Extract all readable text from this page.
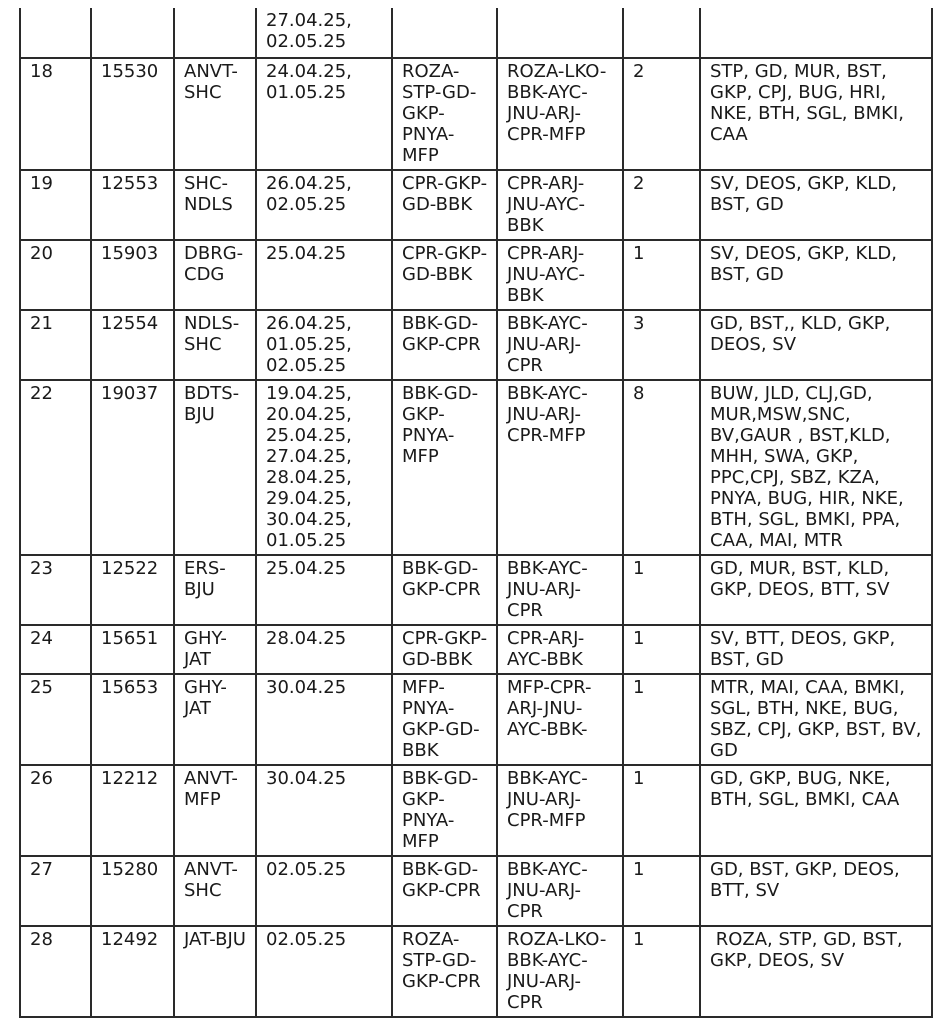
			27.04.25, 02.05.25				
18	15530	ANVT-SHC	24.04.25, 01.05.25	ROZA-STP-GD-GKP-PNYA-MFP	ROZA-LKO-BBK-AYC-JNU-ARJ-CPR-MFP	2	STP, GD, MUR, BST, GKP, CPJ, BUG, HRI, NKE, BTH, SGL, BMKI, CAA
19	12553	SHC-NDLS	26.04.25, 02.05.25	CPR-GKP-GD-BBK	CPR-ARJ-JNU-AYC-BBK	2	SV, DEOS, GKP, KLD, BST, GD
20	15903	DBRG-CDG	25.04.25	CPR-GKP-GD-BBK	CPR-ARJ-JNU-AYC-BBK	1	SV, DEOS, GKP, KLD, BST, GD
21	12554	NDLS-SHC	26.04.25, 01.05.25, 02.05.25	BBK-GD-GKP-CPR	BBK-AYC-JNU-ARJ-CPR	3	GD, BST,, KLD, GKP, DEOS, SV
22	19037	BDTS-BJU	19.04.25, 20.04.25, 25.04.25, 27.04.25, 28.04.25, 29.04.25, 30.04.25, 01.05.25	BBK-GD-GKP-PNYA-MFP	BBK-AYC-JNU-ARJ-CPR-MFP	8	BUW, JLD, CLJ,GD, MUR,MSW,SNC, BV,GAUR , BST,KLD, MHH, SWA, GKP, PPC,CPJ, SBZ, KZA, PNYA, BUG, HIR, NKE, BTH, SGL, BMKI, PPA, CAA, MAI, MTR
23	12522	ERS-BJU	25.04.25	BBK-GD-GKP-CPR	BBK-AYC-JNU-ARJ-CPR	1	GD, MUR, BST, KLD, GKP, DEOS, BTT, SV
24	15651	GHY-JAT	28.04.25	CPR-GKP-GD-BBK	CPR-ARJ-AYC-BBK	1	SV, BTT, DEOS, GKP, BST, GD
25	15653	GHY-JAT	30.04.25	MFP-PNYA-GKP-GD-BBK	MFP-CPR-ARJ-JNU-AYC-BBK-	1	MTR, MAI, CAA, BMKI, SGL, BTH, NKE, BUG, SBZ, CPJ, GKP, BST, BV, GD
26	12212	ANVT-MFP	30.04.25	BBK-GD-GKP-PNYA-MFP	BBK-AYC-JNU-ARJ-CPR-MFP	1	GD, GKP, BUG, NKE, BTH, SGL, BMKI, CAA
27	15280	ANVT-SHC	02.05.25	BBK-GD-GKP-CPR	BBK-AYC-JNU-ARJ-CPR	1	GD, BST, GKP, DEOS, BTT, SV
28	12492	JAT-BJU	02.05.25	ROZA-STP-GD-GKP-CPR	ROZA-LKO-BBK-AYC-JNU-ARJ-CPR	1	ROZA, STP, GD, BST, GKP, DEOS, SV
